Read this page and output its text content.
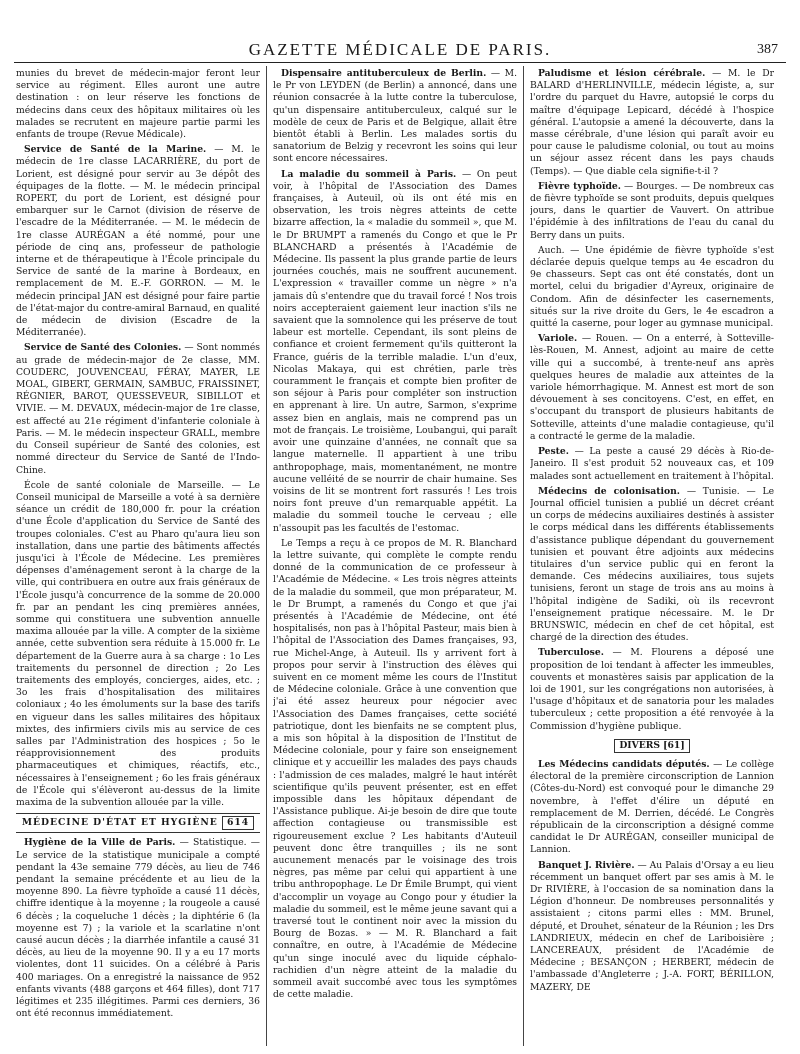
GAZETTE MÉDICALE DE PARIS.	387

munies du brevet de médecin-major feront leur service au régiment. Elles auront une autre destination : on leur réserve les fonctions de médecins dans ceux des hôpitaux militaires où les malades se recrutent en majeure partie parmi les enfants de troupe (Revue Médicale).

Service de Santé de la Marine. — M. le médecin de 1re classe LACARRIÈRE, du port de Lorient, est désigné pour servir au 3e dépôt des équipages de la flotte. — M. le médecin principal ROPERT, du port de Lorient, est désigné pour embarquer sur le Carnot (division de réserve de l'escadre de la Méditerranée. — M. le médecin de 1re classe AURÉGAN a été nommé, pour une période de cinq ans, professeur de pathologie interne et de thérapeutique à l'École principale du Service de santé de la marine à Bordeaux, en remplacement de M. E.-F. GORRON. — M. le médecin principal JAN est désigné pour faire partie de l'état-major du contre-amiral Barnaud, en qualité de médecin de division (Escadre de la Méditerranée).

Service de Santé des Colonies. — Sont nommés au grade de médecin-major de 2e classe, MM. COUDERC, JOUVENCEAU, FÉRAY, MAYER, LE MOAL, GIBERT, GERMAIN, SAMBUC, FRAISSINET, RÉGNIER, BAROT, QUESSEVEUR, SIBILLOT et VIVIE. — M. DEVAUX, médecin-major de 1re classe, est affecté au 21e régiment d'infanterie coloniale à Paris. — M. le médecin inspecteur GRALL, membre du Conseil supérieur de Santé des colonies, est nommé directeur du Service de Santé de l'Indo-Chine.

École de santé coloniale de Marseille. — Le Conseil municipal de Marseille a voté à sa dernière séance un crédit de 180,000 fr. pour la création d'une École d'application du Service de Santé des troupes coloniales. C'est au Pharo qu'aura lieu son installation, dans une partie des bâtiments affectés jusqu'ici à l'École de Médecine. Les premières dépenses d'aménagement seront à la charge de la ville, qui contribuera en outre aux frais généraux de l'École jusqu'à concurrence de la somme de 20.000 fr. par an pendant les cinq premières années, somme qui constituera une subvention annuelle maxima allouée par la ville. A compter de la sixième année, cette subvention sera réduite à 15.000 fr. Le département de la Guerre aura à sa charge : 1o Les traitements du personnel de direction ; 2o Les traitements des employés, concierges, aides, etc. ; 3o les frais d'hospitalisation des militaires coloniaux ; 4o les émoluments sur la base des tarifs en vigueur dans les salles militaires des hôpitaux mixtes, des infirmiers civils mis au service de ces salles par l'Administration des hospices ; 5o le réapprovisionnement des produits pharmaceutiques et chimiques, réactifs, etc., nécessaires à l'enseignement ; 6o les frais généraux de l'École qui s'élèveront au-dessus de la limite maxima de la subvention allouée par la ville.

MÉDECINE D'ÉTAT ET HYGIÈNE 614

Hygiène de la Ville de Paris. — Statistique. — Le service de la statistique municipale a compté pendant la 43e semaine 779 décès, au lieu de 746 pendant la semaine précédente et au lieu de la moyenne 890. La fièvre typhoïde a causé 11 décès, chiffre identique à la moyenne ; la rougeole a causé 6 décès ; la coqueluche 1 décès ; la diphtérie 6 (la moyenne est 7) ; la variole et la scarlatine n'ont causé aucun décès ; la diarrhée infantile a causé 31 décès, au lieu de la moyenne 90. Il y a eu 17 morts violentes, dont 11 suicides. On a célébré à Paris 400 mariages. On a enregistré la naissance de 952 enfants vivants (488 garçons et 464 filles), dont 717 légitimes et 235 illégitimes. Parmi ces derniers, 36 ont été reconnus immédiatement.

Dispensaire antituberculeux de Berlin. — M. le Pr von LEYDEN (de Berlin) a annoncé, dans une réunion consacrée à la lutte contre la tuberculose, qu'un dispensaire antituberculeux, calqué sur le modèle de ceux de Paris et de Belgique, allait être bientôt établi à Berlin. Les malades sortis du sanatorium de Belzig y recevront les soins qui leur sont encore nécessaires.

La maladie du sommeil à Paris. — On peut voir, à l'hôpital de l'Association des Dames françaises, à Auteuil, où ils ont été mis en observation, les trois nègres atteints de cette bizarre affection, la « maladie du sommeil », que M. le Dr BRUMPT a ramenés du Congo et que le Pr BLANCHARD a présentés à l'Académie de Médecine. Ils passent la plus grande partie de leurs journées couchés, mais ne souffrent aucunement. L'expression « travailler comme un nègre » n'a jamais dû s'entendre que du travail forcé ! Nos trois noirs accepteraient gaiement leur inaction s'ils ne savaient que la somnolence qui les préserve de tout labeur est mortelle. Cependant, ils sont pleins de confiance et croient fermement qu'ils quitteront la France, guéris de la terrible maladie. L'un d'eux, Nicolas Makaya, qui est chrétien, parle très couramment le français et compte bien profiter de son séjour à Paris pour compléter son instruction en apprenant à lire. Un autre, Sarmon, s'exprime assez bien en anglais, mais ne comprend pas un mot de français. Le troisième, Loubangui, qui paraît avoir une quinzaine d'années, ne connaît que sa langue maternelle. Il appartient à une tribu anthropophage, mais, momentanément, ne montre aucune velléité de se nourrir de chair humaine. Ses voisins de lit se montrent fort rassurés ! Les trois noirs font preuve d'un remarquable appétit. La maladie du sommeil touche le cerveau ; elle n'assoupit pas les facultés de l'estomac.

Le Temps a reçu à ce propos de M. R. Blanchard la lettre suivante, qui complète le compte rendu donné de la communication de ce professeur à l'Académie de Médecine. « Les trois nègres atteints de la maladie du sommeil, que mon préparateur, M. le Dr Brumpt, a ramenés du Congo et que j'ai présentés à l'Académie de Médecine, ont été hospitalisés, non pas à l'hôpital Pasteur, mais bien à l'hôpital de l'Association des Dames françaises, 93, rue Michel-Ange, à Auteuil. Ils y arrivent fort à propos pour servir à l'instruction des élèves qui suivent en ce moment même les cours de l'Institut de Médecine coloniale. Grâce à une convention que j'ai été assez heureux pour négocier avec l'Association des Dames françaises, cette société patriotique, dont les bienfaits ne se comptent plus, a mis son hôpital à la disposition de l'Institut de Médecine coloniale, pour y faire son enseignement clinique et y accueillir les malades des pays chauds : l'admission de ces malades, malgré le haut intérêt scientifique qu'ils peuvent présenter, est en effet impossible dans les hôpitaux dépendant de l'Assistance publique. Ai-je besoin de dire que toute affection contagieuse ou transmissible est rigoureusement exclue ? Les habitants d'Auteuil peuvent donc être tranquilles ; ils ne sont aucunement menacés par le voisinage des trois nègres, pas même par celui qui appartient à une tribu anthropophage. Le Dr Émile Brumpt, qui vient d'accomplir un voyage au Congo pour y étudier la maladie du sommeil, est le même jeune savant qui a traversé tout le continent noir avec la mission du Bourg de Bozas. » — M. R. Blanchard a fait connaître, en outre, à l'Académie de Médecine qu'un singe inoculé avec du liquide céphalo-rachidien d'un nègre atteint de la maladie du sommeil avait succombé avec tous les symptômes de cette maladie.

Paludisme et lésion cérébrale. — M. le Dr BALARD d'HERLINVILLE, médecin légiste, a, sur l'ordre du parquet du Havre, autopsié le corps du maître d'équipage Lepicard, décédé à l'hospice général. L'autopsie a amené la découverte, dans la masse cérébrale, d'une lésion qui paraît avoir eu pour cause le paludisme colonial, ou tout au moins un séjour assez récent dans les pays chauds (Temps). — Que diable cela signifie-t-il ?

Fièvre typhoïde. — Bourges. — De nombreux cas de fièvre typhoïde se sont produits, depuis quelques jours, dans le quartier de Vauvert. On attribue l'épidémie à des infiltrations de l'eau du canal du Berry dans un puits.

Auch. — Une épidémie de fièvre typhoïde s'est déclarée depuis quelque temps au 4e escadron du 9e chasseurs. Sept cas ont été constatés, dont un mortel, celui du brigadier d'Ayreux, originaire de Condom. Afin de désinfecter les casernements, situés sur la rive droite du Gers, le 4e escadron a quitté la caserne, pour loger au gymnase municipal.

Variole. — Rouen. — On a enterré, à Sotteville-lès-Rouen, M. Annest, adjoint au maire de cette ville qui a succombé, à trente-neuf ans après quelques heures de maladie aux atteintes de la variole hémorrhagique. M. Annest est mort de son dévouement à ses concitoyens. C'est, en effet, en s'occupant du transport de plusieurs habitants de Sotteville, atteints d'une maladie contagieuse, qu'il a contracté le germe de la maladie.

Peste. — La peste a causé 29 décès à Rio-de-Janeiro. Il s'est produit 52 nouveaux cas, et 109 malades sont actuellement en traitement à l'hôpital.

Médecins de colonisation. — Tunisie. — Le Journal officiel tunisien a publié un décret créant un corps de médecins auxiliaires destinés à assister le corps médical dans les différents établissements d'assistance publique dépendant du gouvernement tunisien et pouvant être adjoints aux médecins titulaires d'un service public qui en feront la demande. Ces médecins auxiliaires, tous sujets tunisiens, feront un stage de trois ans au moins à l'hôpital indigène de Sadiki, où ils recevront l'enseignement pratique nécessaire. M. le Dr BRUNSWIC, médecin en chef de cet hôpital, est chargé de la direction des études.

Tuberculose. — M. Flourens a déposé une proposition de loi tendant à affecter les immeubles, couvents et monastères saisis par application de la loi de 1901, sur les congrégations non autorisées, à l'usage d'hôpitaux et de sanatoria pour les malades tuberculeux ; cette proposition a été renvoyée à la Commission d'hygiène publique.

DIVERS [61]

Les Médecins candidats députés. — Le collège électoral de la première circonscription de Lannion (Côtes-du-Nord) est convoqué pour le dimanche 29 novembre, à l'effet d'élire un député en remplacement de M. Derrien, décédé. Le Congrès républicain de la circonscription a désigné comme candidat le Dr AURÉGAN, conseiller municipal de Lannion.

Banquet J. Rivière. — Au Palais d'Orsay a eu lieu récemment un banquet offert par ses amis à M. le Dr RIVIÈRE, à l'occasion de sa nomination dans la Légion d'honneur. De nombreuses personnalités y assistaient ; citons parmi elles : MM. Brunel, député, et Drouhet, sénateur de la Réunion ; les Drs LANDRIEUX, médecin en chef de Lariboisière ; LANCEREAUX, président de l'Académie de Médecine ; BESANÇON ; HERBERT, médecin de l'ambassade d'Angleterre ; J.-A. FORT, BÉRILLON, MAZERY, DE
